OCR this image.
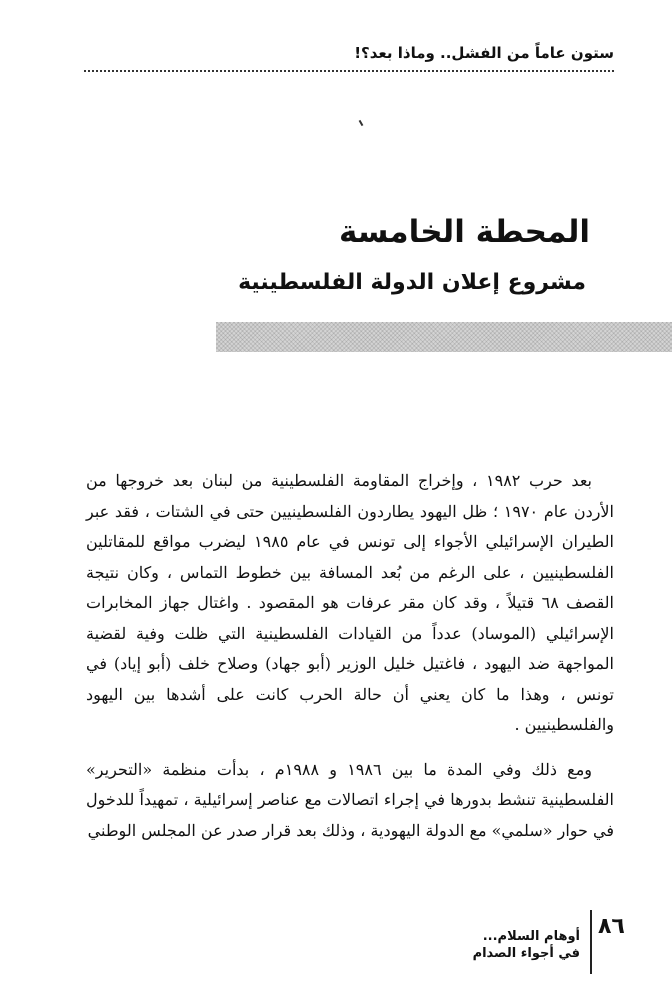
ستون عاماً من الفشل.. وماذا بعد؟!
المحطة الخامسة
مشروع إعلان الدولة الفلسطينية

بعد حرب ١٩٨٢ ، وإخراج المقاومة الفلسطينية من لبنان بعد خروجها من الأردن عام ١٩٧٠ ؛ ظل اليهود يطاردون الفلسطينيين حتى في الشتات ، فقد عبر الطيران الإسرائيلي الأجواء إلى تونس في عام ١٩٨٥ ليضرب مواقع للمقاتلين الفلسطينيين ، على الرغم من بُعد المسافة بين خطوط التماس ، وكان نتيجة القصف ٦٨ قتيلاً ، وقد كان مقر عرفات هو المقصود . واغتال جهاز المخابرات الإسرائيلي (الموساد) عدداً من القيادات الفلسطينية التي ظلت وفية لقضية المواجهة ضد اليهود ، فاغتيل خليل الوزير (أبو جهاد) وصلاح خلف (أبو إياد) في تونس ، وهذا ما كان يعني أن حالة الحرب كانت على أشدها بين اليهود والفلسطينيين .

ومع ذلك وفي المدة ما بين ١٩٨٦ و ١٩٨٨م ، بدأت منظمة «التحرير» الفلسطينية تنشط بدورها في إجراء اتصالات مع عناصر إسرائيلية ، تمهيداً للدخول في حوار «سلمي» مع الدولة اليهودية ، وذلك بعد قرار صدر عن المجلس الوطني

٨٦
أوهام السلام...
في أجواء الصدام
